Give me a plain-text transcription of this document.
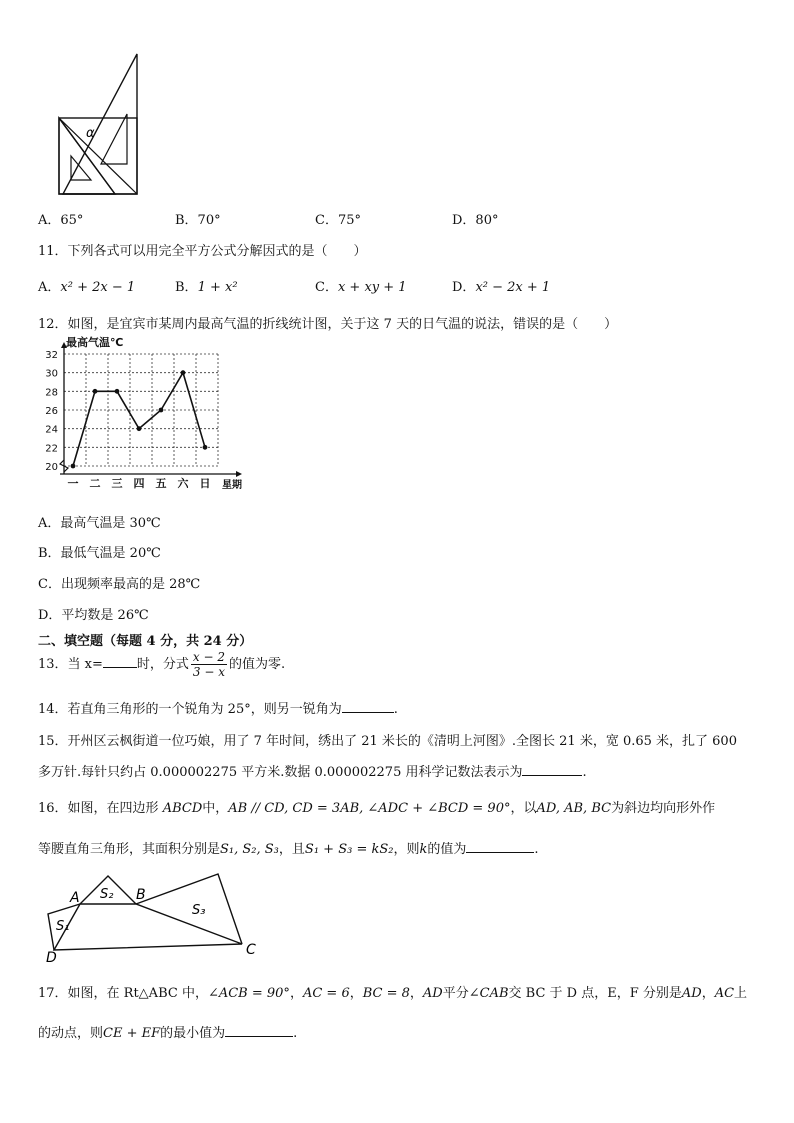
α
A．65°	B．70°	C．75°	D．80°
11．下列各式可以用完全平方公式分解因式的是（　　）
A．x² + 2x − 1	B．1 + x²	C．x + xy + 1	D．x² − 2x + 1
12．如图，是宜宾市某周内最高气温的折线统计图，关于这 7 天的日气温的说法，错误的是（　　）
20
22
24
26
28
30
32
一 二 三 四 五 六 日
最高气温℃
星期
A．最高气温是 30℃
B．最低气温是 20℃
C．出现频率最高的是 28℃
D．平均数是 26℃
二、填空题（每题 4 分，共 24 分）
13．当 x=	时，分式 $\frac{x - 2}{3 - x}$ 的值为零.
14．若直角三角形的一个锐角为 25°，则另一锐角为	.
15．开州区云枫街道一位巧娘，用了 7 年时间，绣出了 21 米长的《清明上河图》.全图长 21 米，宽 0.65 米，扎了 600
多万针.每针只约占 0.000002275 平方米.数据 0.000002275 用科学记数法表示为	.
16．如图，在四边形 ABCD中，AB // CD, CD = 3AB, ∠ADC + ∠BCD = 90°，以AD, AB, BC为斜边均向形外作
等腰直角三角形，其面积分别是S₁, S₂, S₃，且S₁ + S₃ = kS₂，则k的值为	.
A	B
C
D
S₁
S₂
S₃
17．如图，在 Rt△ABC 中，∠ACB = 90°，AC = 6，BC = 8，AD平分∠CAB交 BC 于 D 点，E，F 分别是AD，AC上
的动点，则CE + EF的最小值为	.
